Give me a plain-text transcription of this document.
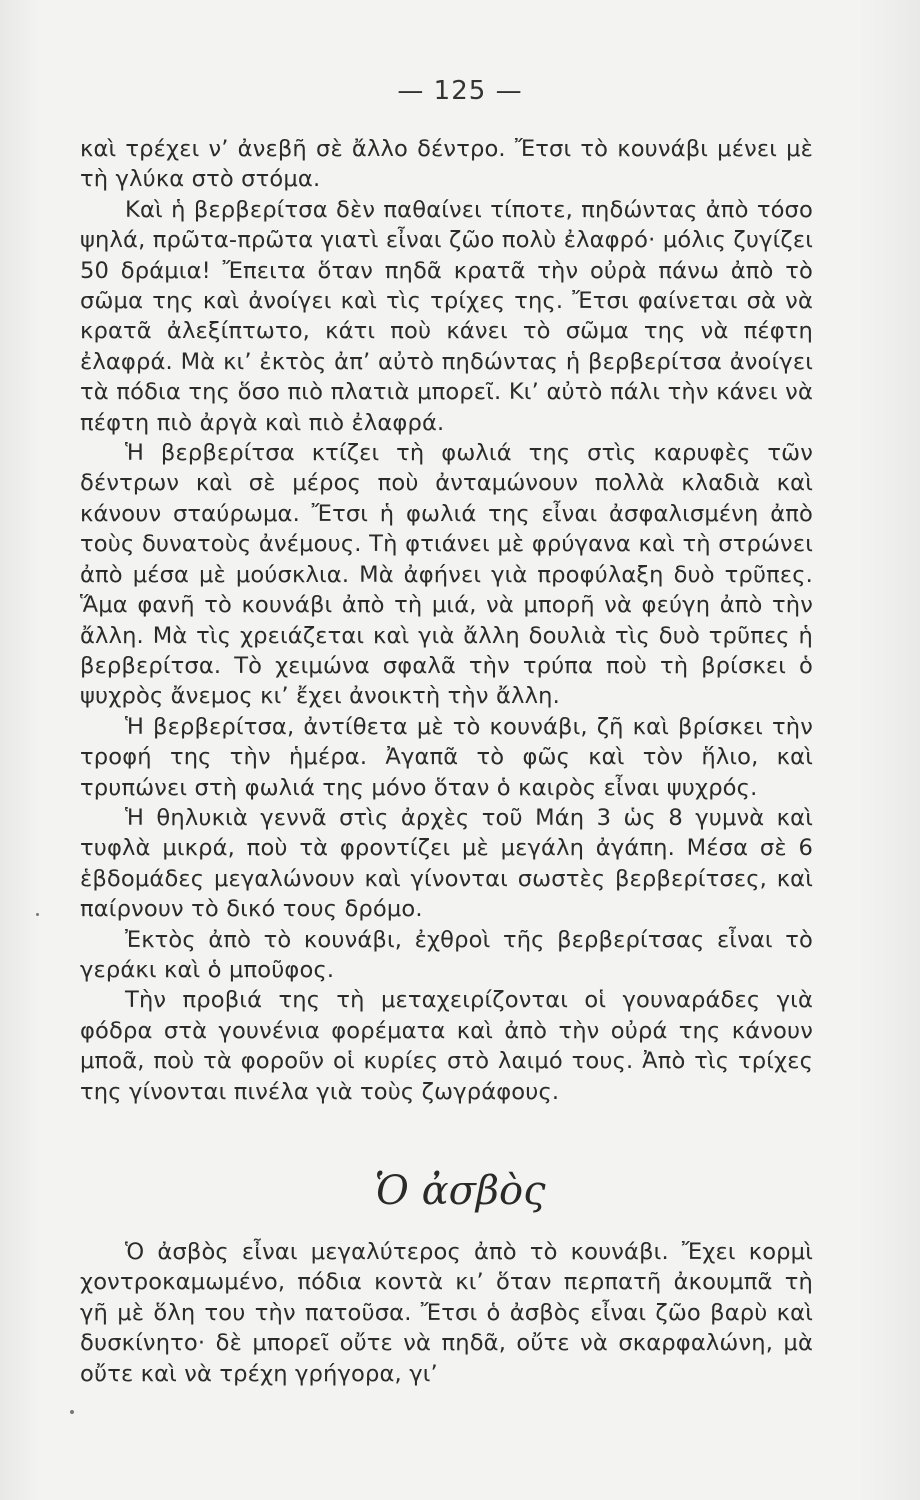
— 125 —

καὶ τρέχει ν’ ἀνεβῆ σὲ ἄλλο δέντρο. Ἔτσι τὸ κουνάβι μένει μὲ τὴ γλύκα στὸ στόμα.

Καὶ ἡ βερβερίτσα δὲν παθαίνει τίποτε, πηδώντας ἀπὸ τόσο ψηλά, πρῶτα-πρῶτα γιατὶ εἶναι ζῶο πολὺ ἐλαφρό· μόλις ζυγίζει 50 δράμια! Ἔπειτα ὅταν πηδᾶ κρατᾶ τὴν οὐρὰ πάνω ἀπὸ τὸ σῶμα της καὶ ἀνοίγει καὶ τὶς τρίχες της. Ἔτσι φαίνεται σὰ νὰ κρατᾶ ἀλεξίπτωτο, κάτι ποὺ κάνει τὸ σῶμα της νὰ πέφτη ἐλαφρά. Μὰ κι’ ἐκτὸς ἀπ’ αὐτὸ πηδώντας ἡ βερβερίτσα ἀνοίγει τὰ πόδια της ὅσο πιὸ πλατιὰ μπορεῖ. Κι’ αὐτὸ πάλι τὴν κάνει νὰ πέφτη πιὸ ἀργὰ καὶ πιὸ ἐλαφρά.

Ἡ βερβερίτσα κτίζει τὴ φωλιά της στὶς καρυφὲς τῶν δέντρων καὶ σὲ μέρος ποὺ ἀνταμώνουν πολλὰ κλαδιὰ καὶ κάνουν σταύρωμα. Ἔτσι ἡ φωλιά της εἶναι ἀσφαλισμένη ἀπὸ τοὺς δυνατοὺς ἀνέμους. Τὴ φτιάνει μὲ φρύγανα καὶ τὴ στρώνει ἀπὸ μέσα μὲ μούσκλια. Μὰ ἀφήνει γιὰ προφύλαξη δυὸ τρῦπες. Ἅμα φανῆ τὸ κουνάβι ἀπὸ τὴ μιά, νὰ μπορῆ νὰ φεύγη ἀπὸ τὴν ἄλλη. Μὰ τὶς χρειάζεται καὶ γιὰ ἄλλη δουλιὰ τὶς δυὸ τρῦπες ἡ βερβερίτσα. Τὸ χειμώνα σφαλᾶ τὴν τρύπα ποὺ τὴ βρίσκει ὁ ψυχρὸς ἄνεμος κι’ ἔχει ἀνοικτὴ τὴν ἄλλη.

Ἡ βερβερίτσα, ἀντίθετα μὲ τὸ κουνάβι, ζῆ καὶ βρίσκει τὴν τροφή της τὴν ἡμέρα. Ἀγαπᾶ τὸ φῶς καὶ τὸν ἥλιο, καὶ τρυπώνει στὴ φωλιά της μόνο ὅταν ὁ καιρὸς εἶναι ψυχρός.

Ἡ θηλυκιὰ γεννᾶ στὶς ἀρχὲς τοῦ Μάη 3 ὡς 8 γυμνὰ καὶ τυφλὰ μικρά, ποὺ τὰ φροντίζει μὲ μεγάλη ἀγάπη. Μέσα σὲ 6 ἑβδομάδες μεγαλώνουν καὶ γίνονται σωστὲς βερβερίτσες, καὶ παίρνουν τὸ δικό τους δρόμο.

Ἐκτὸς ἀπὸ τὸ κουνάβι, ἐχθροὶ τῆς βερβερίτσας εἶναι τὸ γεράκι καὶ ὁ μποῦφος.

Τὴν προβιά της τὴ μεταχειρίζονται οἱ γουναράδες γιὰ φόδρα στὰ γουνένια φορέματα καὶ ἀπὸ τὴν οὐρά της κάνουν μποᾶ, ποὺ τὰ φοροῦν οἱ κυρίες στὸ λαιμό τους. Ἀπὸ τὶς τρίχες της γίνονται πινέλα γιὰ τοὺς ζωγράφους.

Ὁ ἀσβὸς

Ὁ ἀσβὸς εἶναι μεγαλύτερος ἀπὸ τὸ κουνάβι. Ἔχει κορμὶ χοντροκαμωμένο, πόδια κοντὰ κι’ ὅταν περπατῆ ἀκουμπᾶ τὴ γῆ μὲ ὅλη του τὴν πατοῦσα. Ἔτσι ὁ ἀσβὸς εἶναι ζῶο βαρὺ καὶ δυσκίνητο· δὲ μπορεῖ οὔτε νὰ πηδᾶ, οὔτε νὰ σκαρφαλώνη, μὰ οὔτε καὶ νὰ τρέχη γρήγορα, γι’
